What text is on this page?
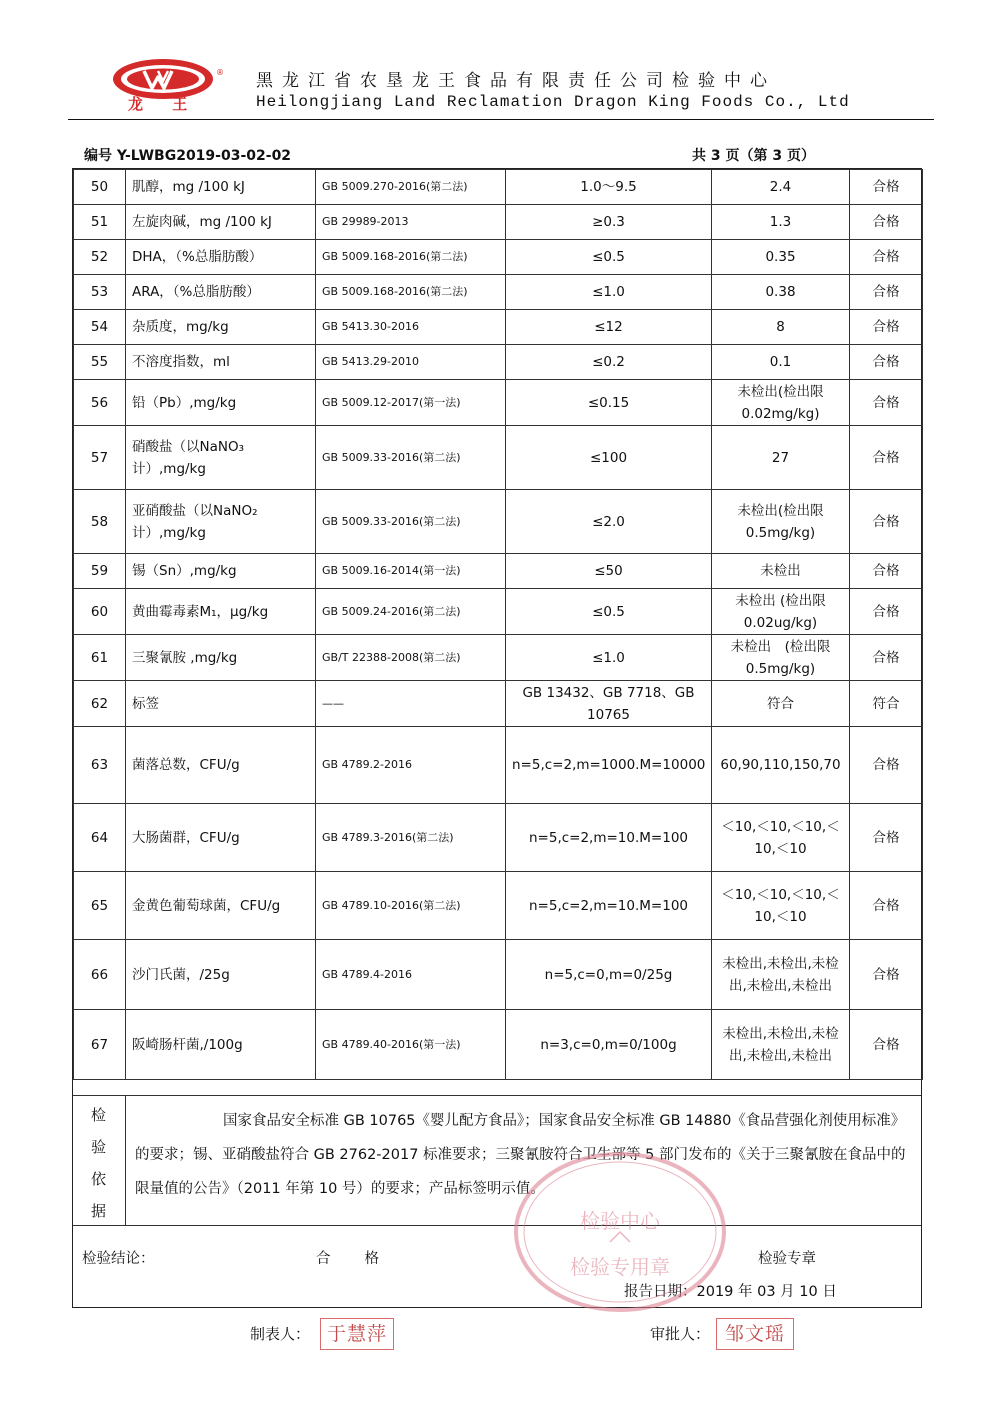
®
龙 王
黑龙江省农垦龙王食品有限责任公司检验中心
Heilongjiang Land Reclamation Dragon King Foods Co., Ltd
编号 Y-LWBG2019-03-02-02	共 3 页（第 3 页）
50	肌醇，mg /100 kJ	GB 5009.270-2016(第二法)	1.0～9.5	2.4	合格
51	左旋肉碱，mg /100 kJ	GB 29989-2013	≥0.3	1.3	合格
52	DHA，（%总脂肪酸）	GB 5009.168-2016(第二法)	≤0.5	0.35	合格
53	ARA，（%总脂肪酸）	GB 5009.168-2016(第二法)	≤1.0	0.38	合格
54	杂质度，mg/kg	GB 5413.30-2016	≤12	8	合格
55	不溶度指数，ml	GB 5413.29-2010	≤0.2	0.1	合格
56	铅（Pb）,mg/kg	GB 5009.12-2017(第一法)	≤0.15	未检出(检出限 0.02mg/kg)	合格
57	硝酸盐（以NaNO₃计）,mg/kg	GB 5009.33-2016(第二法)	≤100	27	合格
58	亚硝酸盐（以NaNO₂计）,mg/kg	GB 5009.33-2016(第二法)	≤2.0	未检出(检出限 0.5mg/kg)	合格
59	锡（Sn）,mg/kg	GB 5009.16-2014(第一法)	≤50	未检出	合格
60	黄曲霉毒素M₁，μg/kg	GB 5009.24-2016(第二法)	≤0.5	未检出 (检出限 0.02ug/kg)	合格
61	三聚氰胺 ,mg/kg	GB/T 22388-2008(第二法)	≤1.0	未检出　(检出限 0.5mg/kg)	合格
62	标签	——	GB 13432、GB 7718、GB 10765	符合	符合
63	菌落总数，CFU/g	GB 4789.2-2016	n=5,c=2,m=1000.M=10000	60,90,110,150,70	合格
64	大肠菌群，CFU/g	GB 4789.3-2016(第二法)	n=5,c=2,m=10.M=100	＜10,＜10,＜10,＜10,＜10	合格
65	金黄色葡萄球菌，CFU/g	GB 4789.10-2016(第二法)	n=5,c=2,m=10.M=100	＜10,＜10,＜10,＜10,＜10	合格
66	沙门氏菌，/25g	GB 4789.4-2016	n=5,c=0,m=0/25g	未检出,未检出,未检出,未检出,未检出	合格
67	阪崎肠杆菌,/100g	GB 4789.40-2016(第一法)	n=3,c=0,m=0/100g	未检出,未检出,未检出,未检出,未检出	合格
检
验
依
据
国家食品安全标准 GB 10765《婴儿配方食品》；国家食品安全标准 GB 14880《食品营强化剂使用标准》的要求；锡、亚硝酸盐符合 GB 2762-2017 标准要求；三聚氰胺符合卫生部等 5 部门发布的《关于三聚氰胺在食品中的限量值的公告》（2011 年第 10 号）的要求；产品标签明示值。
检验结论：	合格	检验专章
报告日期：2019 年 03 月 10 日
检验中心
检验专用章
制表人： 于慧萍	审批人： 邹文瑶
